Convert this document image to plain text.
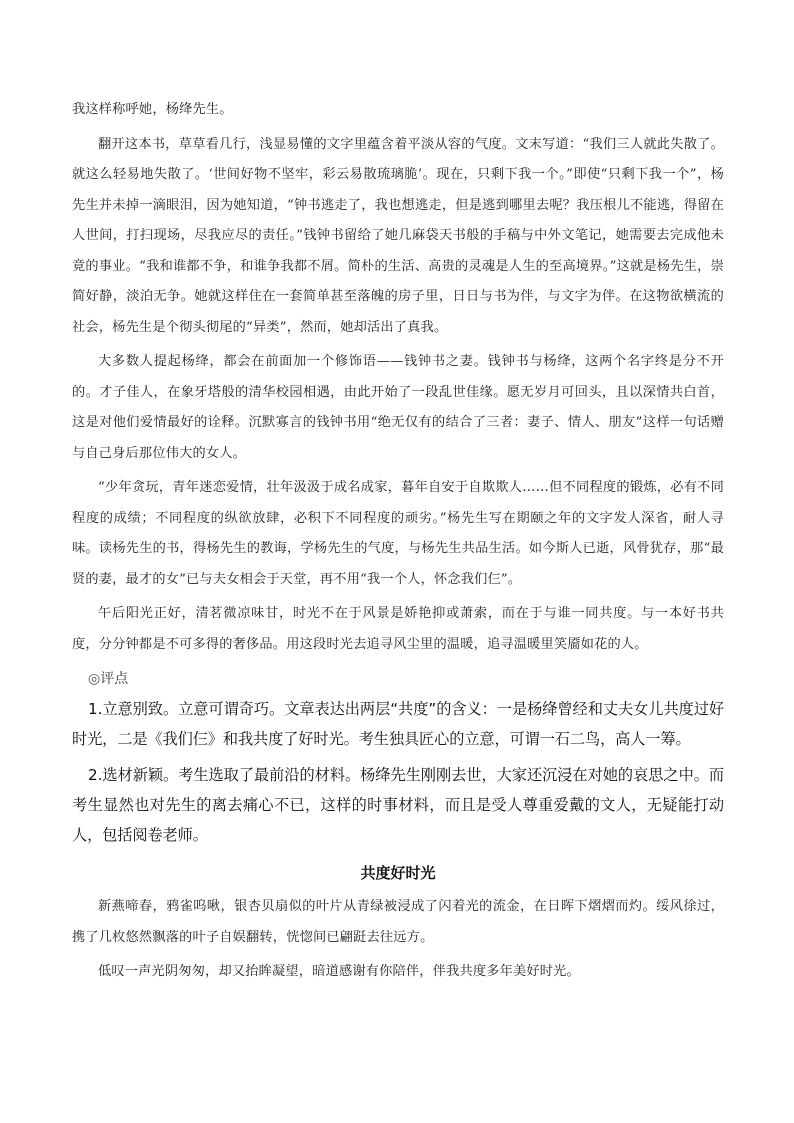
我这样称呼她，杨绛先生。

翻开这本书，草草看几行，浅显易懂的文字里蕴含着平淡从容的气度。文末写道：“我们三人就此失散了。就这么轻易地失散了。‘世间好物不坚牢，彩云易散琉璃脆’。现在，只剩下我一个。”即使“只剩下我一个”，杨先生并未掉一滴眼泪，因为她知道，“钟书逃走了，我也想逃走，但是逃到哪里去呢？我压根儿不能逃，得留在人世间，打扫现场，尽我应尽的责任。”钱钟书留给了她几麻袋天书般的手稿与中外文笔记，她需要去完成他未竟的事业。“我和谁都不争，和谁争我都不屑。简朴的生活、高贵的灵魂是人生的至高境界。”这就是杨先生，崇简好静，淡泊无争。她就这样住在一套简单甚至落魄的房子里，日日与书为伴，与文字为伴。在这物欲横流的社会，杨先生是个彻头彻尾的“异类”，然而，她却活出了真我。

大多数人提起杨绛，都会在前面加一个修饰语——钱钟书之妻。钱钟书与杨绛，这两个名字终是分不开的。才子佳人，在象牙塔般的清华校园相遇，由此开始了一段乱世佳缘。愿无岁月可回头，且以深情共白首，这是对他们爱情最好的诠释。沉默寡言的钱钟书用“绝无仅有的结合了三者：妻子、情人、朋友”这样一句话赠与自己身后那位伟大的女人。

“少年贪玩，青年迷恋爱情，壮年汲汲于成名成家，暮年自安于自欺欺人……但不同程度的锻炼，必有不同程度的成绩；不同程度的纵欲放肆，必积下不同程度的顽劣。”杨先生写在期颐之年的文字发人深省，耐人寻味。读杨先生的书，得杨先生的教诲，学杨先生的气度，与杨先生共品生活。如今斯人已逝，风骨犹存，那“最贤的妻，最才的女”已与夫女相会于天堂，再不用“我一个人，怀念我们仨”。

午后阳光正好，清茗微凉味甘，时光不在于风景是娇艳抑或萧索，而在于与谁一同共度。与一本好书共度，分分钟都是不可多得的奢侈品。用这段时光去追寻风尘里的温暖，追寻温暖里笑靥如花的人。

◎评点

1.立意别致。立意可谓奇巧。文章表达出两层“共度”的含义：一是杨绛曾经和丈夫女儿共度过好时光，二是《我们仨》和我共度了好时光。考生独具匠心的立意，可谓一石二鸟，高人一筹。

2.选材新颖。考生选取了最前沿的材料。杨绛先生刚刚去世，大家还沉浸在对她的哀思之中。而考生显然也对先生的离去痛心不已，这样的时事材料，而且是受人尊重爱戴的文人，无疑能打动人，包括阅卷老师。

共度好时光

新燕啼春，鸦雀呜啾，银杏贝扇似的叶片从青绿被浸成了闪着光的流金，在日晖下熠熠而灼。绥风徐过，携了几枚悠然飘落的叶子自娱翻转，恍惚间已翩跹去往远方。

低叹一声光阴匆匆，却又抬眸凝望，暗道感谢有你陪伴，伴我共度多年美好时光。
